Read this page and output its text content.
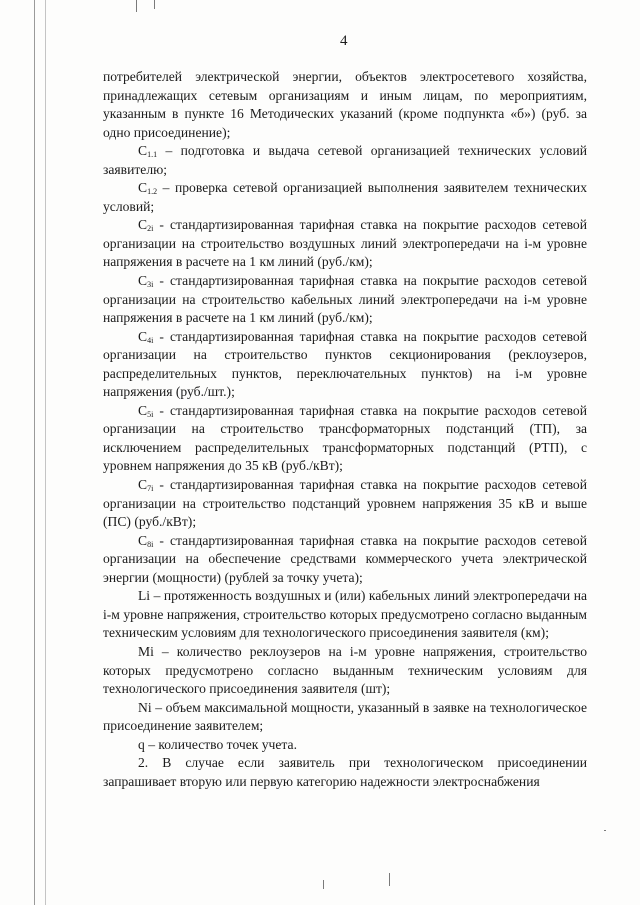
4

потребителей электрической энергии, объектов электросетевого хозяйства, принадлежащих сетевым организациям и иным лицам, по мероприятиям, указанным в пункте 16 Методических указаний (кроме подпункта «б») (руб. за одно присоединение);

$C_{1.1}$ – подготовка и выдача сетевой организацией технических условий заявителю;

$C_{1.2}$ – проверка сетевой организацией выполнения заявителем технических условий;

$C_{2i}$ - стандартизированная тарифная ставка на покрытие расходов сетевой организации на строительство воздушных линий электропередачи на i-м уровне напряжения в расчете на 1 км линий (руб./км);

$C_{3i}$ - стандартизированная тарифная ставка на покрытие расходов сетевой организации на строительство кабельных линий электропередачи на i-м уровне напряжения в расчете на 1 км линий (руб./км);

$C_{4i}$ - стандартизированная тарифная ставка на покрытие расходов сетевой организации на строительство пунктов секционирования (реклоузеров, распределительных пунктов, переключательных пунктов) на i-м уровне напряжения (руб./шт.);

$C_{5i}$ - стандартизированная тарифная ставка на покрытие расходов сетевой организации на строительство трансформаторных подстанций (ТП), за исключением распределительных трансформаторных подстанций (РТП), с уровнем напряжения до 35 кВ (руб./кВт);

$C_{7i}$ - стандартизированная тарифная ставка на покрытие расходов сетевой организации на строительство подстанций уровнем напряжения 35 кВ и выше (ПС) (руб./кВт);

$C_{8i}$ - стандартизированная тарифная ставка на покрытие расходов сетевой организации на обеспечение средствами коммерческого учета электрической энергии (мощности) (рублей за точку учета);

Li – протяженность воздушных и (или) кабельных линий электропередачи на i-м уровне напряжения, строительство которых предусмотрено согласно выданным техническим условиям для технологического присоединения заявителя (км);

Mi – количество реклоузеров на i-м уровне напряжения, строительство которых предусмотрено согласно выданным техническим условиям для технологического присоединения заявителя (шт);

Ni – объем максимальной мощности, указанный в заявке на технологическое присоединение заявителем;

q – количество точек учета.

2. В случае если заявитель при технологическом присоединении запрашивает вторую или первую категорию надежности электроснабжения
